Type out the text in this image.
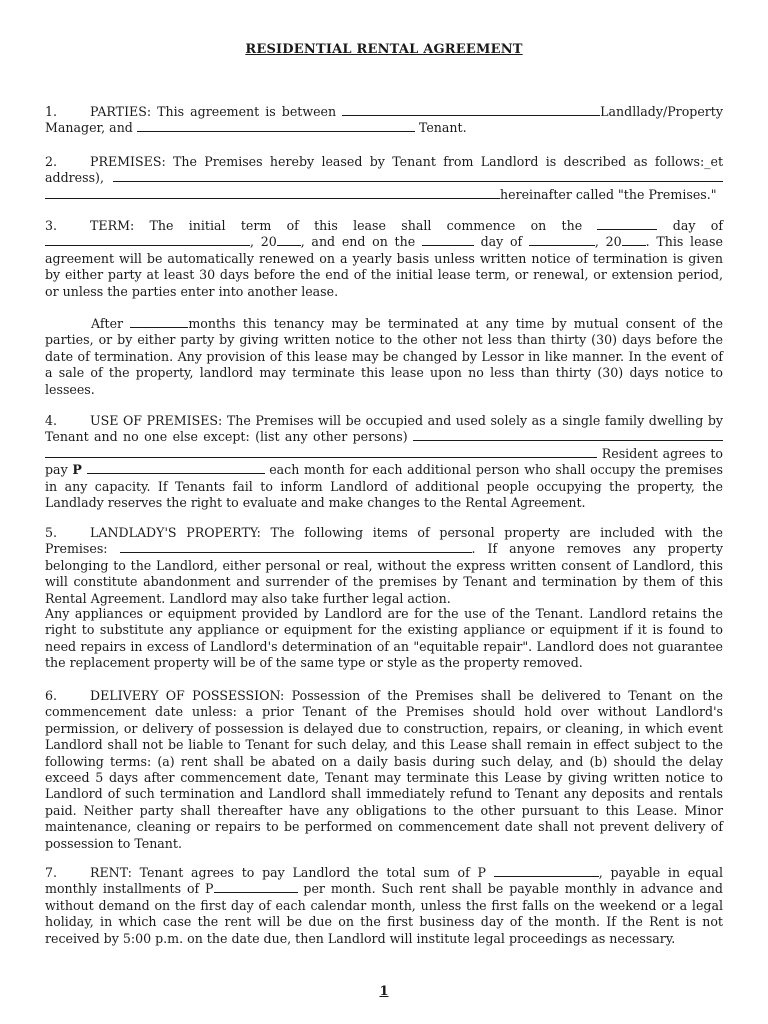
RESIDENTIAL RENTAL AGREEMENT

1.	PARTIES: This agreement is between	Landllady/Property Manager, and	Tenant.

2.	PREMISES: The Premises hereby leased by Tenant from Landlord is described as follows:_et address),  hereinafter called "the Premises."

3.	TERM: The initial term of this lease shall commence on the	day of , 20 , and end on the	day of	, 20 . This lease agreement will be automatically renewed on a yearly basis unless written notice of termination is given by either party at least 30 days before the end of the initial lease term, or renewal, or extension period, or unless the parties enter into another lease.

After	months this tenancy may be terminated at any time by mutual consent of the parties, or by either party by giving written notice to the other not less than thirty (30) days before the date of termination. Any provision of this lease may be changed by Lessor in like manner. In the event of a sale of the property, landlord may terminate this lease upon no less than thirty (30) days notice to lessees.

4.	USE OF PREMISES: The Premises will be occupied and used solely as a single family dwelling by Tenant and no one else except: (list any other persons)   Resident agrees to pay P	each month for each additional person who shall occupy the premises in any capacity. If Tenants fail to inform Landlord of additional people occupying the property, the Landlady reserves the right to evaluate and make changes to the Rental Agreement.

5.	LANDLADY'S PROPERTY: The following items of personal property are included with the Premises:	. If anyone removes any property belonging to the Landlord, either personal or real, without the express written consent of Landlord, this will constitute abandonment and surrender of the premises by Tenant and termination by them of this Rental Agreement. Landlord may also take further legal action.

Any appliances or equipment provided by Landlord are for the use of the Tenant. Landlord retains the right to substitute any appliance or equipment for the existing appliance or equipment if it is found to need repairs in excess of Landlord's determination of an "equitable repair". Landlord does not guarantee the replacement property will be of the same type or style as the property removed.

6.	DELIVERY OF POSSESSION: Possession of the Premises shall be delivered to Tenant on the commencement date unless: a prior Tenant of the Premises should hold over without Landlord's permission, or delivery of possession is delayed due to construction, repairs, or cleaning, in which event Landlord shall not be liable to Tenant for such delay, and this Lease shall remain in effect subject to the following terms: (a) rent shall be abated on a daily basis during such delay, and (b) should the delay exceed 5 days after commencement date, Tenant may terminate this Lease by giving written notice to Landlord of such termination and Landlord shall immediately refund to Tenant any deposits and rentals paid. Neither party shall thereafter have any obligations to the other pursuant to this Lease. Minor maintenance, cleaning or repairs to be performed on commencement date shall not prevent delivery of possession to Tenant.

7.	RENT: Tenant agrees to pay Landlord the total sum of P	, payable in equal monthly installments of P	per month. Such rent shall be payable monthly in advance and without demand on the first day of each calendar month, unless the first falls on the weekend or a legal holiday, in which case the rent will be due on the first business day of the month. If the Rent is not received by 5:00 p.m. on the date due, then Landlord will institute legal proceedings as necessary.

1
